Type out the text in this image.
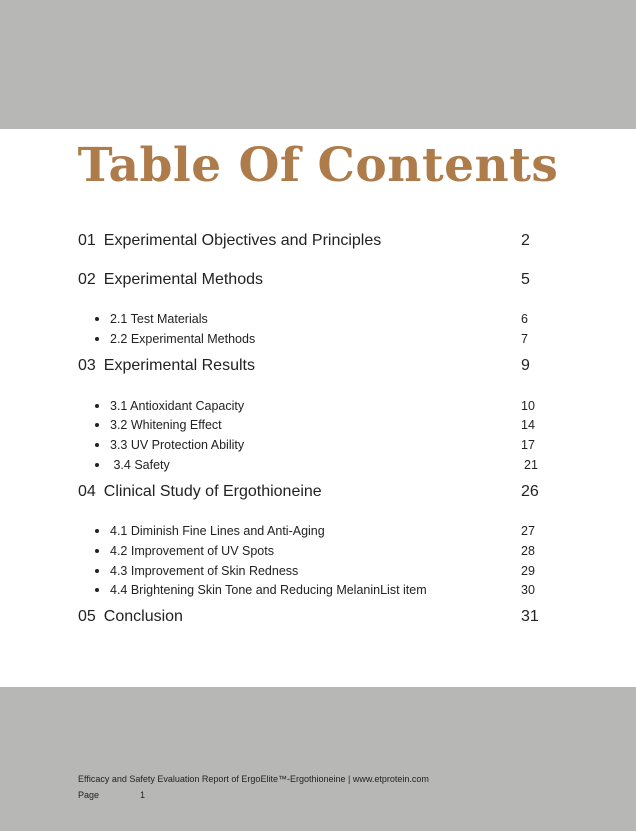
Table Of Contents
01 Experimental Objectives and Principles	2
02 Experimental Methods	5
2.1 Test Materials	6
2.2 Experimental Methods	7
03 Experimental Results	9
3.1 Antioxidant Capacity	10
3.2 Whitening Effect	14
3.3 UV Protection Ability	17
3.4 Safety	21
04 Clinical Study of Ergothioneine	26
4.1 Diminish Fine Lines and Anti-Aging	27
4.2 Improvement of UV Spots	28
4.3 Improvement of Skin Redness	29
4.4 Brightening Skin Tone and Reducing MelaninList item	30
05 Conclusion	31
Efficacy and Safety Evaluation Report of ErgoElite™-Ergothioneine | www.etprotein.com
Page	1
